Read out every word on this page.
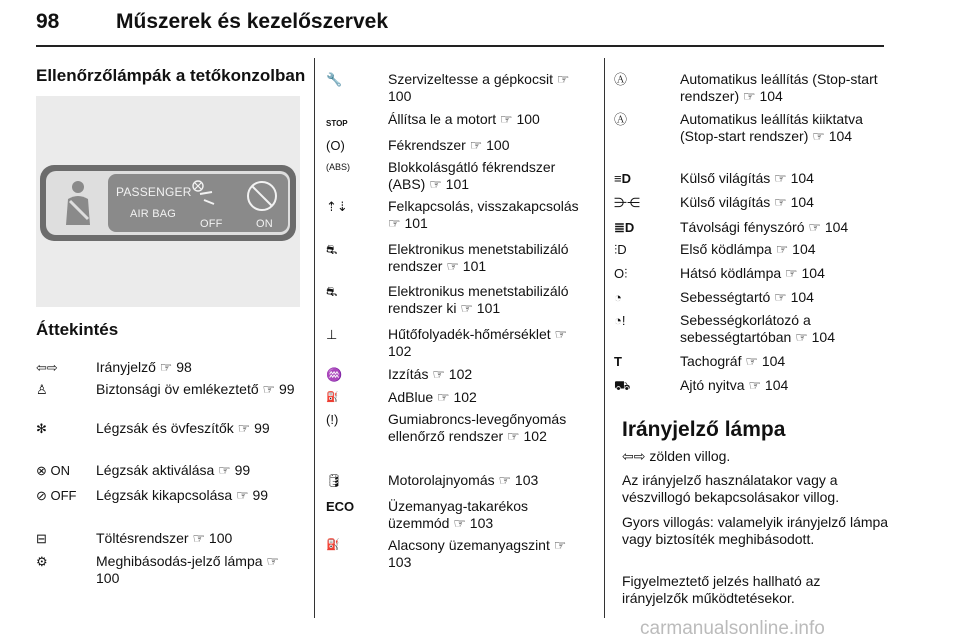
98	Műszerek és kezelőszervek
Ellenőrzőlámpák a tetőkonzolban
PASSENGER
AIR BAG
OFF	ON
Áttekintés
⇦⇨	Irányjelző ☞ 98
♙	Biztonsági öv emlékeztető ☞ 99
✻	Légzsák és övfeszítők ☞ 99
⊗ ON	Légzsák aktiválása ☞ 99
⊘ OFF	Légzsák kikapcsolása ☞ 99
⊟	Töltésrendszer ☞ 100
⚙	Meghibásodás-jelző lámpa ☞ 100
🔧	Szervizeltesse a gépkocsit ☞ 100
STOP	Állítsa le a motort ☞ 100
(O)	Fékrendszer ☞ 100
(ABS)	Blokkolásgátló fékrendszer (ABS) ☞ 101
⇡⇣	Felkapcsolás, visszakapcsolás ☞ 101
⛐	Elektronikus menetstabilizáló rendszer ☞ 101
⛐	Elektronikus menetstabilizáló rendszer ki ☞ 101
⊥	Hűtőfolyadék-hőmérséklet ☞ 102
♒	Izzítás ☞ 102
⛽	AdBlue ☞ 102
(!)	Gumiabroncs-levegőnyomás ellenőrző rendszer ☞ 102
🛢	Motorolajnyomás ☞ 103
ECO Üzemanyag-takarékos üzemmód ☞ 103
⛽	Alacsony üzemanyagszint ☞ 103
Ⓐ	Automatikus leállítás (Stop-start rendszer) ☞ 104
Ⓐ	Automatikus leállítás kiiktatva (Stop-start rendszer) ☞ 104
≡D	Külső világítás ☞ 104
⋺⋲	Külső világítás ☞ 104
≣D	Távolsági fényszóró ☞ 104
⫶D	Első ködlámpa ☞ 104
O⫶	Hátsó ködlámpa ☞ 104
◔	Sebességtartó ☞ 104
◔!	Sebességkorlátozó a sebességtartóban ☞ 104
T	Tachográf ☞ 104
⛟	Ajtó nyitva ☞ 104
Irányjelző lámpa
⇦⇨ zölden villog.
Az irányjelző használatakor vagy a vészvillogó bekapcsolásakor villog.
Gyors villogás: valamelyik irányjelző lámpa vagy biztosíték meghibásodott.
Figyelmeztető jelzés hallható az irányjelzők működtetésekor.
carmanualsonline.info
